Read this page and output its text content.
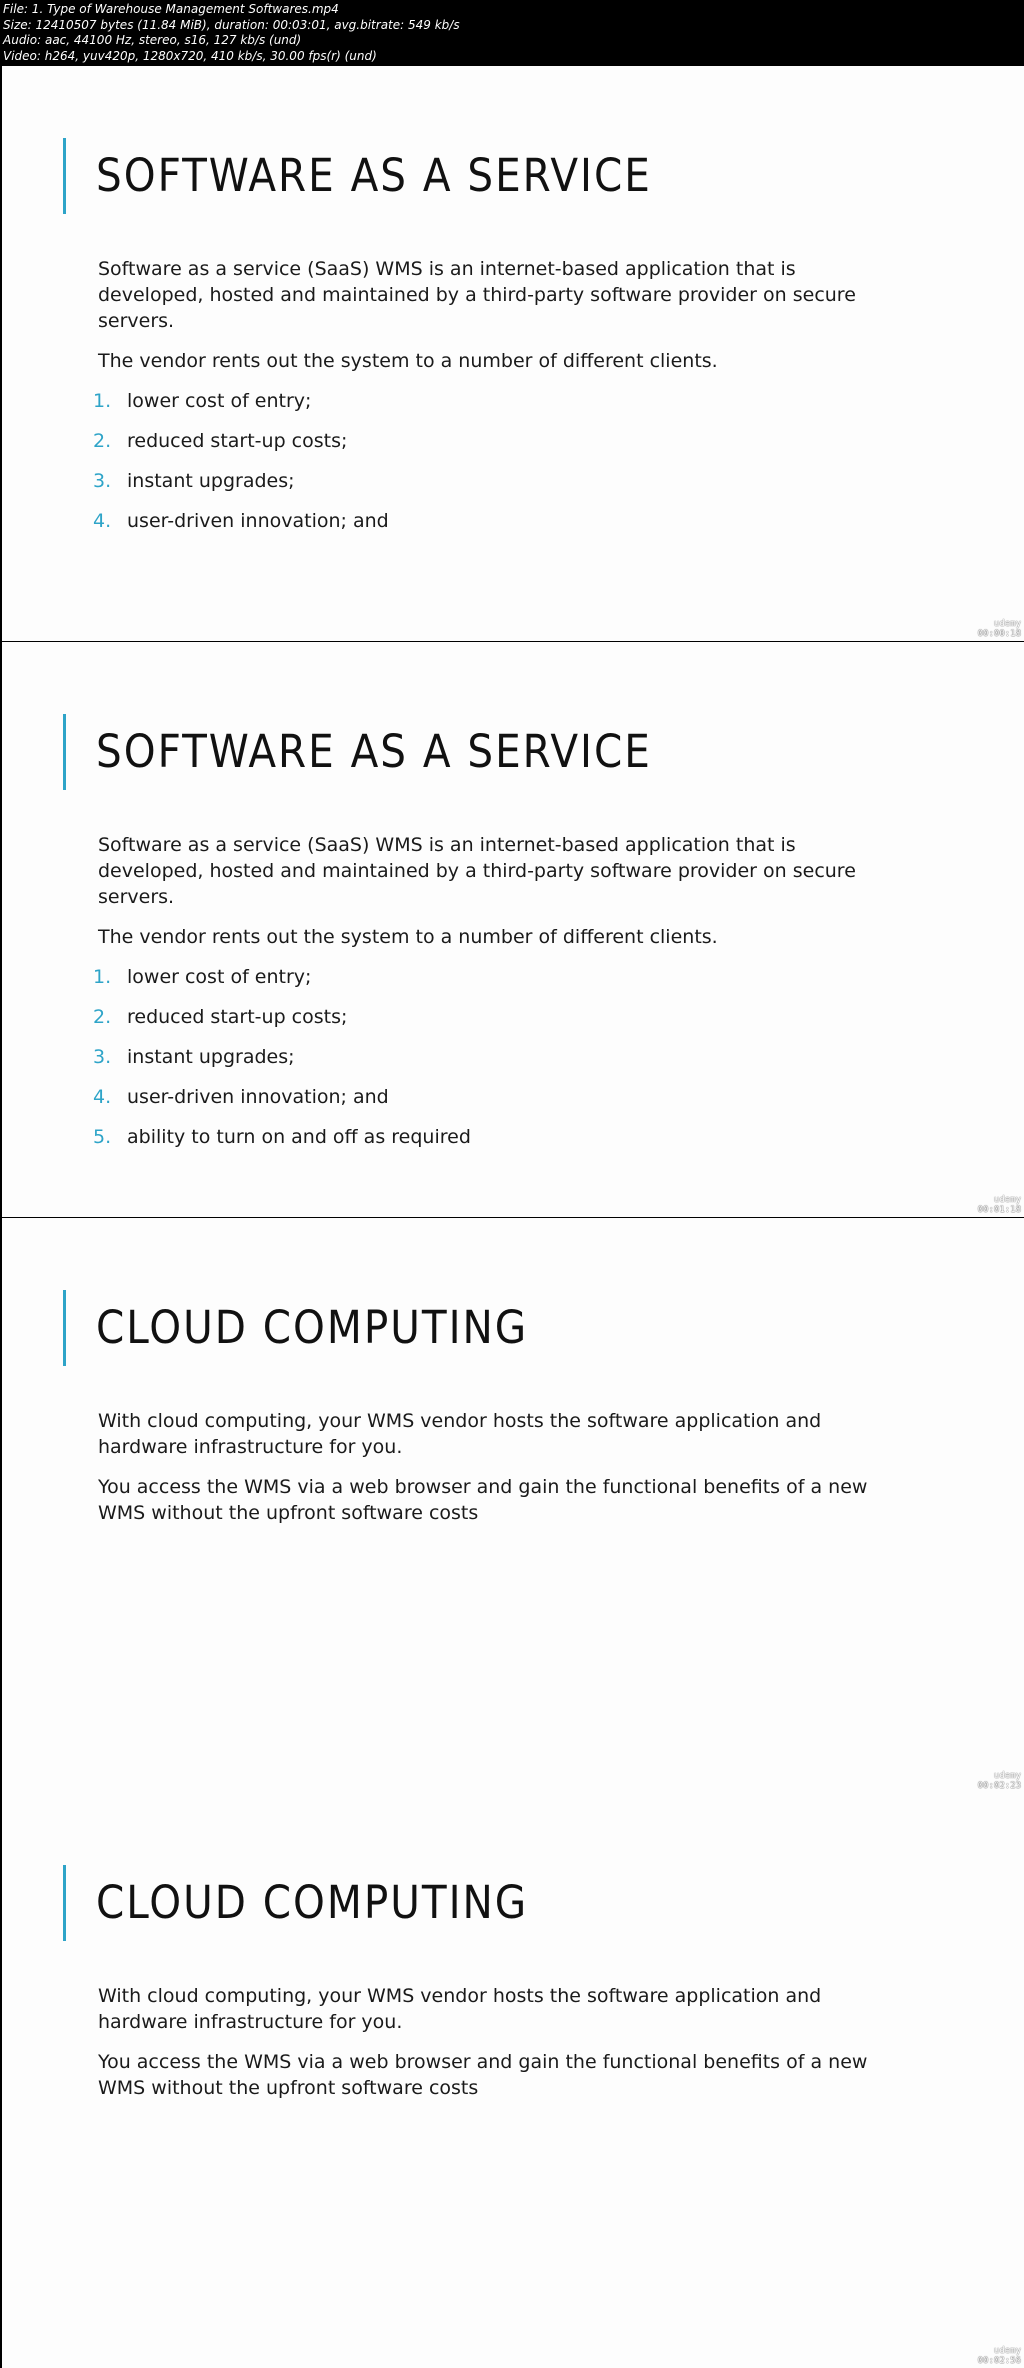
File: 1. Type of Warehouse Management Softwares.mp4
Size: 12410507 bytes (11.84 MiB), duration: 00:03:01, avg.bitrate: 549 kb/s
Audio: aac, 44100 Hz, stereo, s16, 127 kb/s (und)
Video: h264, yuv420p, 1280x720, 410 kb/s, 30.00 fps(r) (und)
SOFTWARE AS A SERVICE

Software as a service (SaaS) WMS is an internet-based application that is developed, hosted and maintained by a third-party software provider on secure servers.

The vendor rents out the system to a number of different clients.

1. lower cost of entry;
2. reduced start-up costs;
3. instant upgrades;
4. user-driven innovation; and
udemy
00:00:18
SOFTWARE AS A SERVICE

Software as a service (SaaS) WMS is an internet-based application that is developed, hosted and maintained by a third-party software provider on secure servers.

The vendor rents out the system to a number of different clients.

1. lower cost of entry;
2. reduced start-up costs;
3. instant upgrades;
4. user-driven innovation; and
5. ability to turn on and off as required
udemy
00:01:18
CLOUD COMPUTING

With cloud computing, your WMS vendor hosts the software application and hardware infrastructure for you.

You access the WMS via a web browser and gain the functional benefits of a new WMS without the upfront software costs

udemy
00:02:23
CLOUD COMPUTING

With cloud computing, your WMS vendor hosts the software application and hardware infrastructure for you.

You access the WMS via a web browser and gain the functional benefits of a new WMS without the upfront software costs

udemy
00:02:56
